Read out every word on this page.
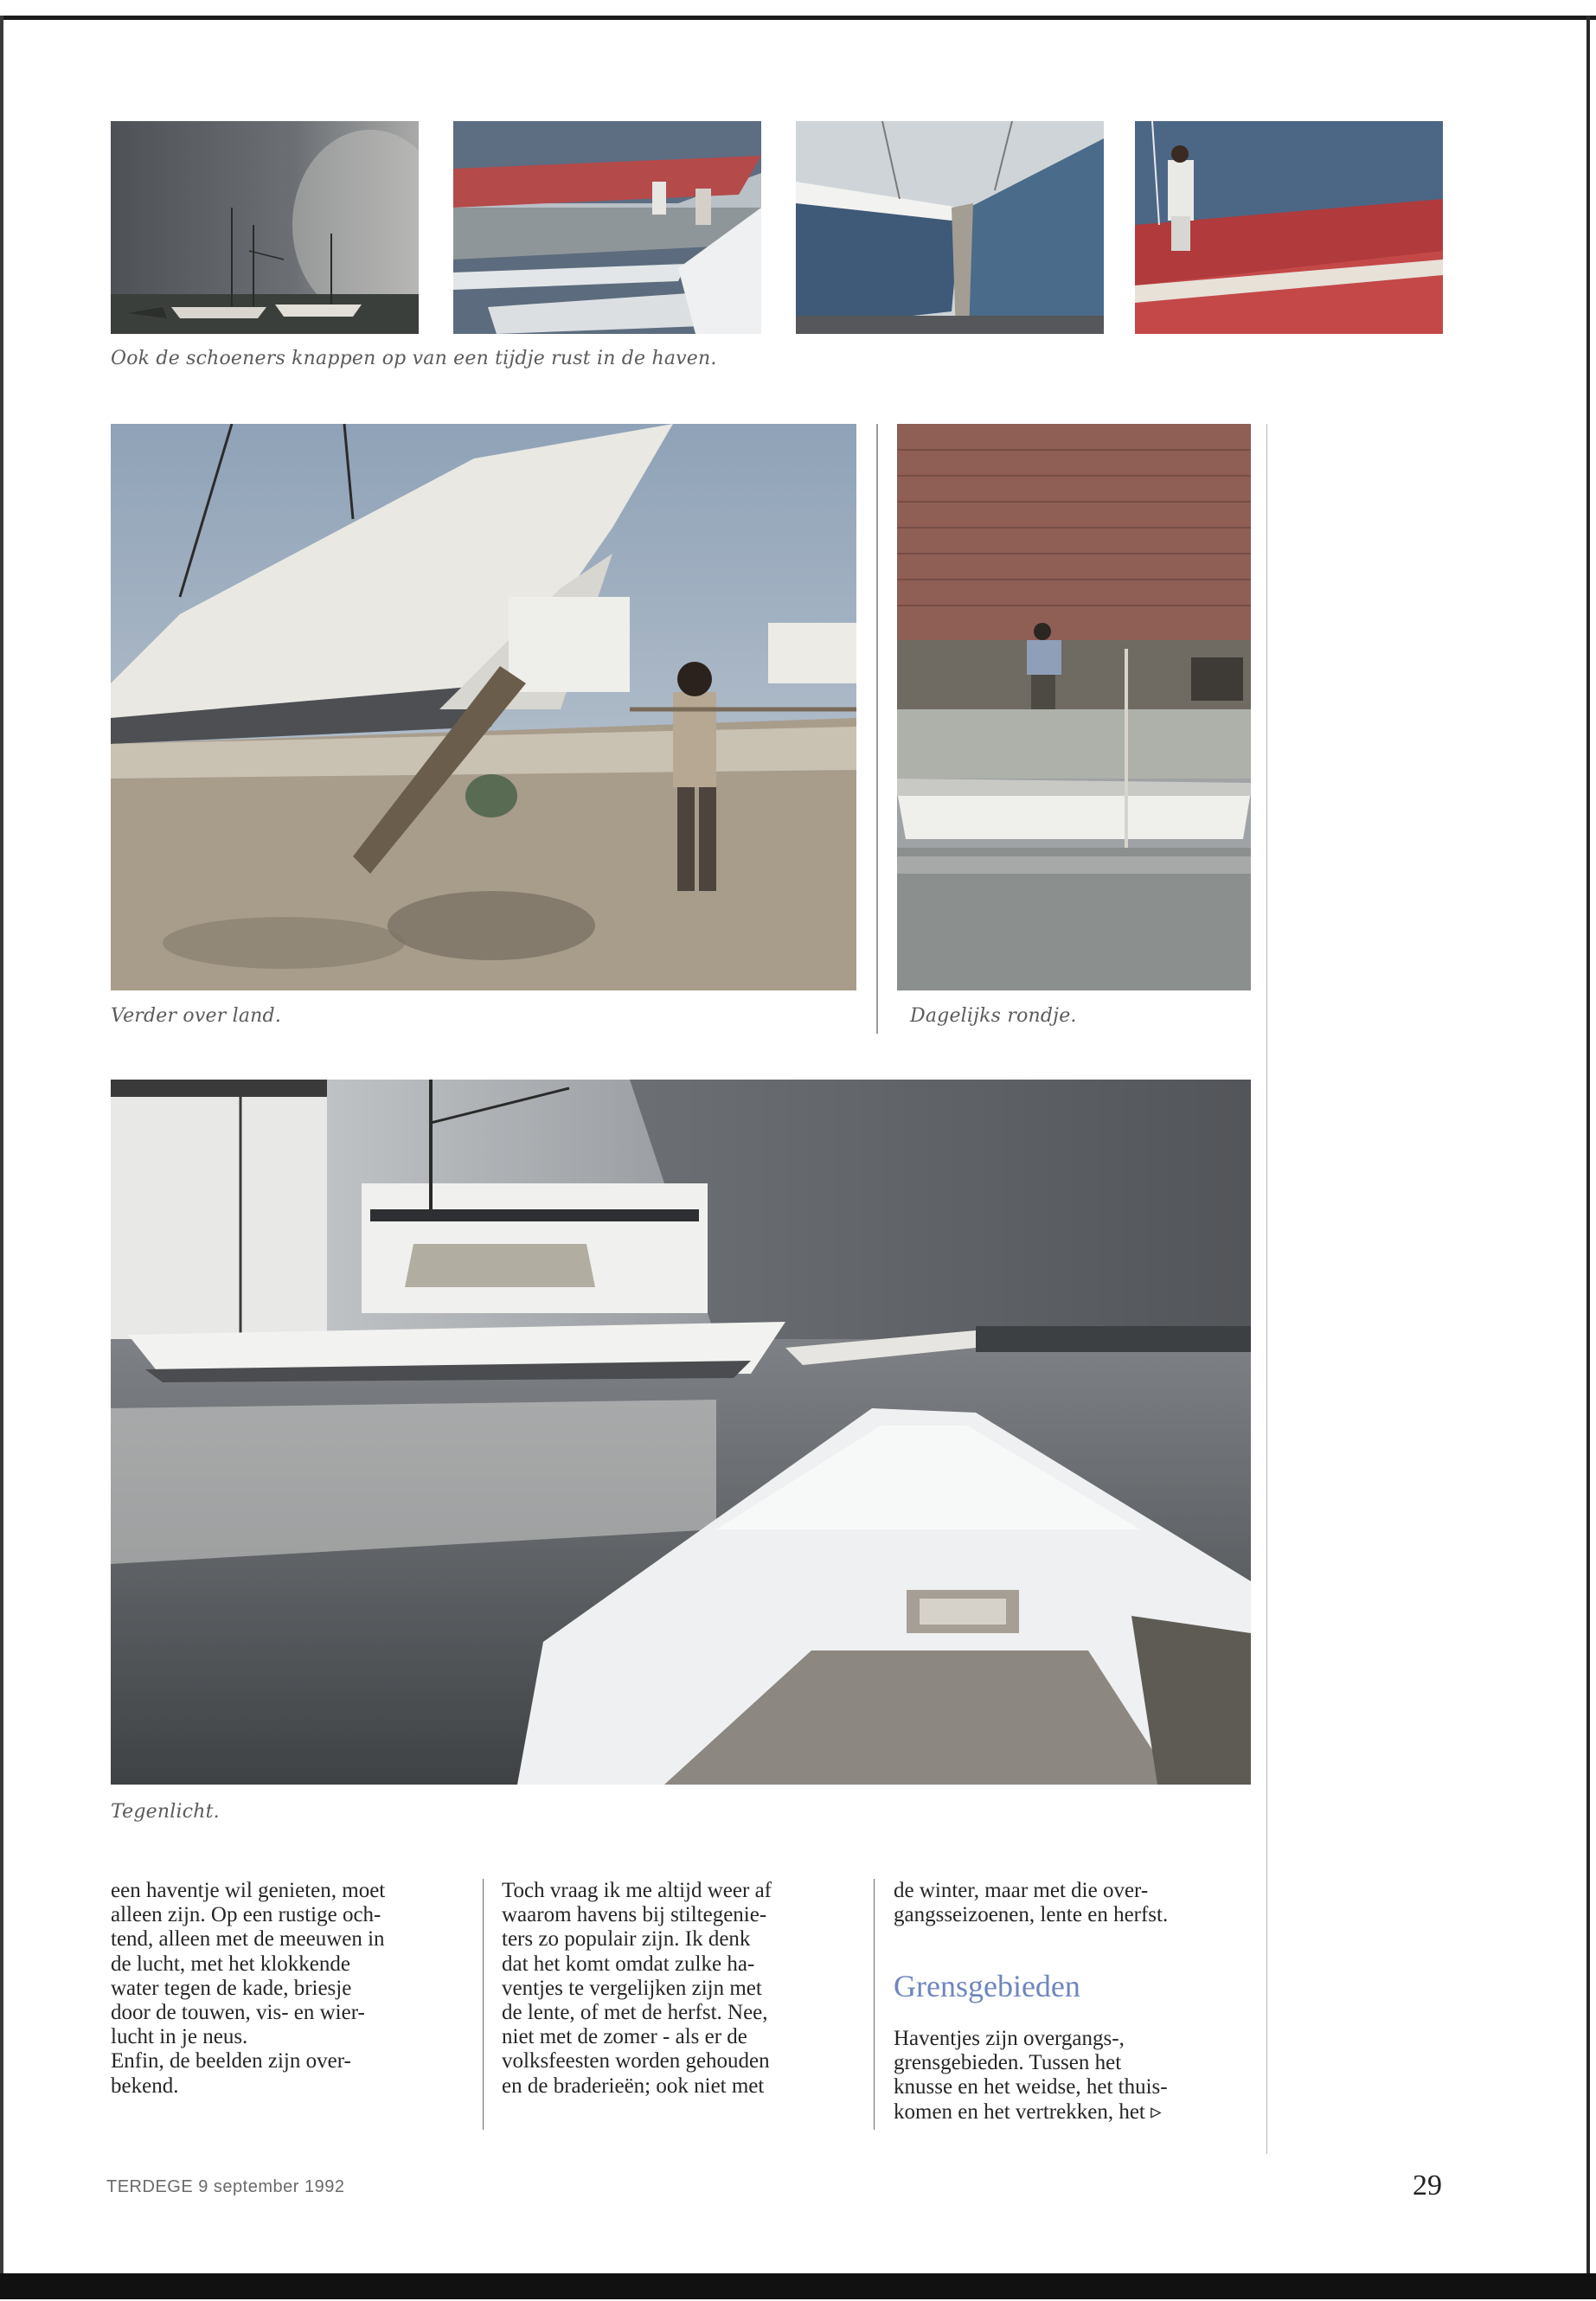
Ook de schoeners knappen op van een tijdje rust in de haven.
Verder over land.	Dagelijks rondje.
Tegenlicht.
een haventje wil genieten, moet
alleen zijn. Op een rustige och-
tend, alleen met de meeuwen in
de lucht, met het klokkende
water tegen de kade, briesje
door de touwen, vis- en wier-
lucht in je neus.
Enfin, de beelden zijn over-
bekend.
Toch vraag ik me altijd weer af
waarom havens bij stiltegenie-
ters zo populair zijn. Ik denk
dat het komt omdat zulke ha-
ventjes te vergelijken zijn met
de lente, of met de herfst. Nee,
niet met de zomer - als er de
volksfeesten worden gehouden
en de braderieën; ook niet met
de winter, maar met die over-
gangsseizoenen, lente en herfst.
Grensgebieden
Haventjes zijn overgangs-,
grensgebieden. Tussen het
knusse en het weidse, het thuis-
komen en het vertrekken, het ▹
TERDEGE 9 september 1992	29
